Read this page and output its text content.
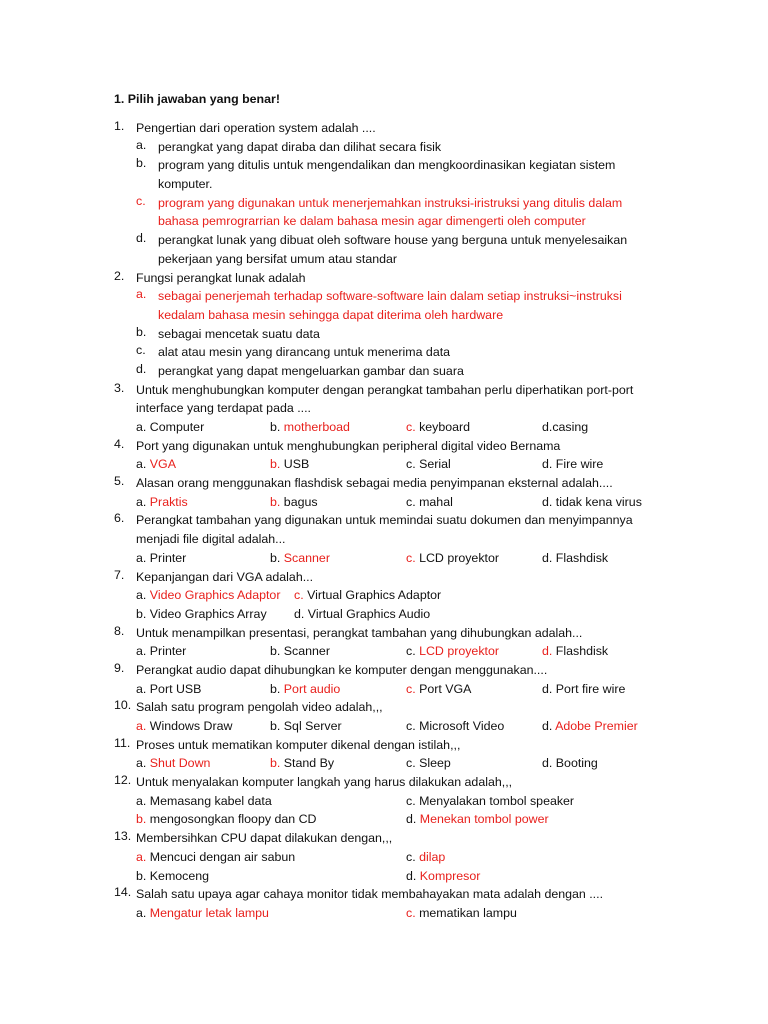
1. Pilih jawaban yang benar!
1. Pengertian dari operation system adalah ....
a. perangkat yang dapat diraba dan dilihat secara fisik
b. program yang ditulis untuk mengendalikan dan mengkoordinasikan kegiatan sistem
komputer.
c. program yang digunakan untuk menerjemahkan instruksi-iristruksi yang ditulis dalam
bahasa pemrograrrian ke dalam bahasa mesin agar dimengerti oleh computer
d. perangkat lunak yang dibuat oleh software house yang berguna untuk menyelesaikan
pekerjaan yang bersifat umum atau standar
2. Fungsi perangkat lunak adalah
a. sebagai penerjemah terhadap software-software lain dalam setiap instruksi~instruksi
kedalam bahasa mesin sehingga dapat diterima oleh hardware
b. sebagai mencetak suatu data
c. alat atau mesin yang dirancang untuk menerima data
d. perangkat yang dapat mengeluarkan gambar dan suara
3. Untuk menghubungkan komputer dengan perangkat tambahan perlu diperhatikan port-port
interface yang terdapat pada ....
a. Computer	b. motherboad	c. keyboard	d.casing
4. Port yang digunakan untuk menghubungkan peripheral digital video Bernama
a. VGA	b. USB	c. Serial	d. Fire wire
5. Alasan orang menggunakan flashdisk sebagai media penyimpanan eksternal adalah....
a. Praktis	b. bagus	c. mahal	d. tidak kena virus
6. Perangkat tambahan yang digunakan untuk memindai suatu dokumen dan menyimpannya
menjadi file digital adalah...
a. Printer	b. Scanner	c. LCD proyektor	d. Flashdisk
7. Kepanjangan dari VGA adalah...
a. Video Graphics Adaptor c. Virtual Graphics Adaptor
b. Video Graphics Array d. Virtual Graphics Audio
8. Untuk menampilkan presentasi, perangkat tambahan yang dihubungkan adalah...
a. Printer	b. Scanner	c. LCD proyektor	d. Flashdisk
9. Perangkat audio dapat dihubungkan ke komputer dengan menggunakan....
a. Port USB	b. Port audio	c. Port VGA	d. Port fire wire
10. Salah satu program pengolah video adalah,,,
a. Windows Draw	b. Sql Server	c. Microsoft Video	d. Adobe Premier
11. Proses untuk mematikan komputer dikenal dengan istilah,,,
a. Shut Down	b. Stand By	c. Sleep	d. Booting
12. Untuk menyalakan komputer langkah yang harus dilakukan adalah,,,
a. Memasang kabel data	c. Menyalakan tombol speaker
b. mengosongkan floopy dan CD	d. Menekan tombol power
13. Membersihkan CPU dapat dilakukan dengan,,,
a. Mencuci dengan air sabun	c. dilap
b. Kemoceng	d. Kompresor
14. Salah satu upaya agar cahaya monitor tidak membahayakan mata adalah dengan ....
a. Mengatur letak lampu	c. mematikan lampu
